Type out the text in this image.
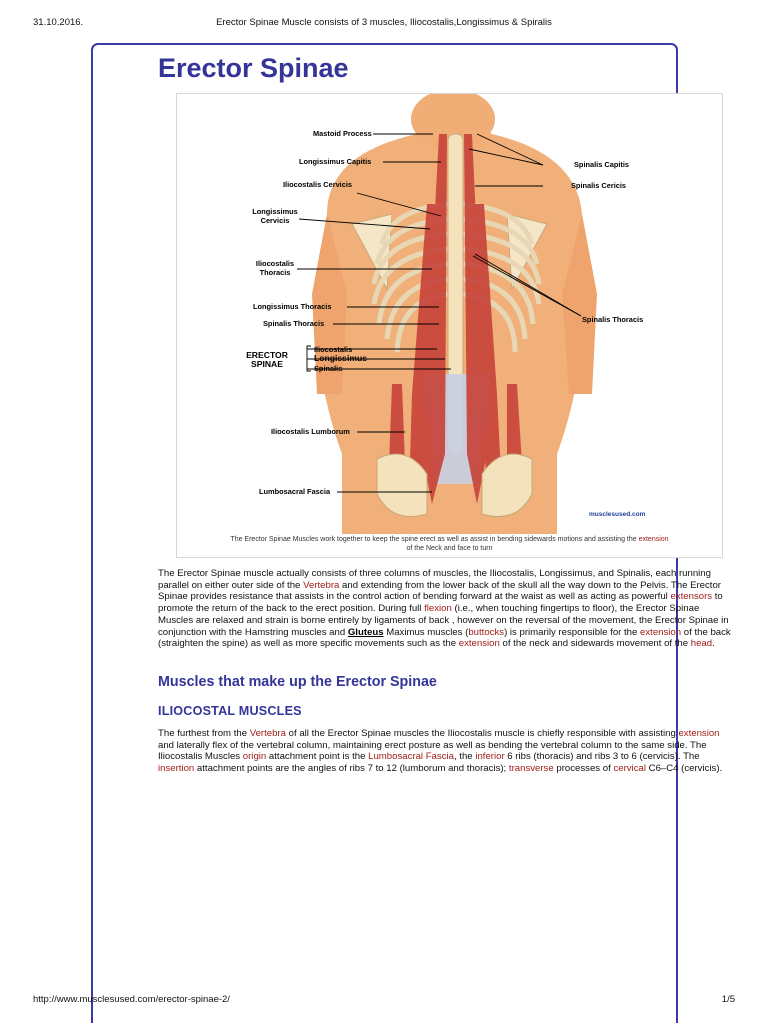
31.10.2016.	Erector Spinae Muscle consists of 3 muscles, Iliocostalis,Longissimus & Spiralis
Erector Spinae
Mastoid Process
Longissimus Capitis
Iliocostalis Cervicis
Longissimus
Cervicis
Iliocostalis
Thoracis
Longissimus Thoracis
Spinalis Thoracis
ERECTOR
SPINAE
Iliocostalis
Longissimus
Spinalis
Iliocostalis Lumborum
Lumbosacral Fascia
Spinalis Capitis
Spinalis Cericis
Spinalis Thoracis
musclesused.com
The Erector Spinae Muscles work together to keep the spine erect as well as assist in bending sidewards motions and assisting the extension
of the Neck and face to turn
The Erector Spinae muscle actually consists of three columns of muscles, the Iliocostalis, Longissimus, and Spinalis, each running parallel on either outer side of the Vertebra and extending from the lower back of the skull all the way down to the Pelvis. The Erector Spinae provides resistance that assists in the control action of bending forward at the waist as well as acting as powerful extensors to promote the return of the back to the erect position. During full flexion (i.e., when touching fingertips to floor), the Erector Spinae Muscles are relaxed and strain is borne entirely by ligaments of back , however on the reversal of the movement, the Erector Spinae in conjunction with the Hamstring muscles and Gluteus Maximus muscles (buttocks) is primarily responsible for the extension of the back (straighten the spine) as well as more specific movements such as the extension of the neck and sidewards movement of the head.
Muscles that make up the Erector Spinae
ILIOCOSTAL MUSCLES
The furthest from the Vertebra of all the Erector Spinae muscles the Iliocostalis muscle is chiefly responsible with assisting extension and laterally flex of the vertebral column, maintaining erect posture as well as bending the vertebral column to the same side. The Iliocostalis Muscles origin attachment point is the Lumbosacral Fascia, the inferior 6 ribs (thoracis) and ribs 3 to 6 (cervicis). The insertion attachment points are the angles of ribs 7 to 12 (lumborum and thoracis); transverse processes of cervical C6–C4 (cervicis).
http://www.musclesused.com/erector-spinae-2/	1/5
